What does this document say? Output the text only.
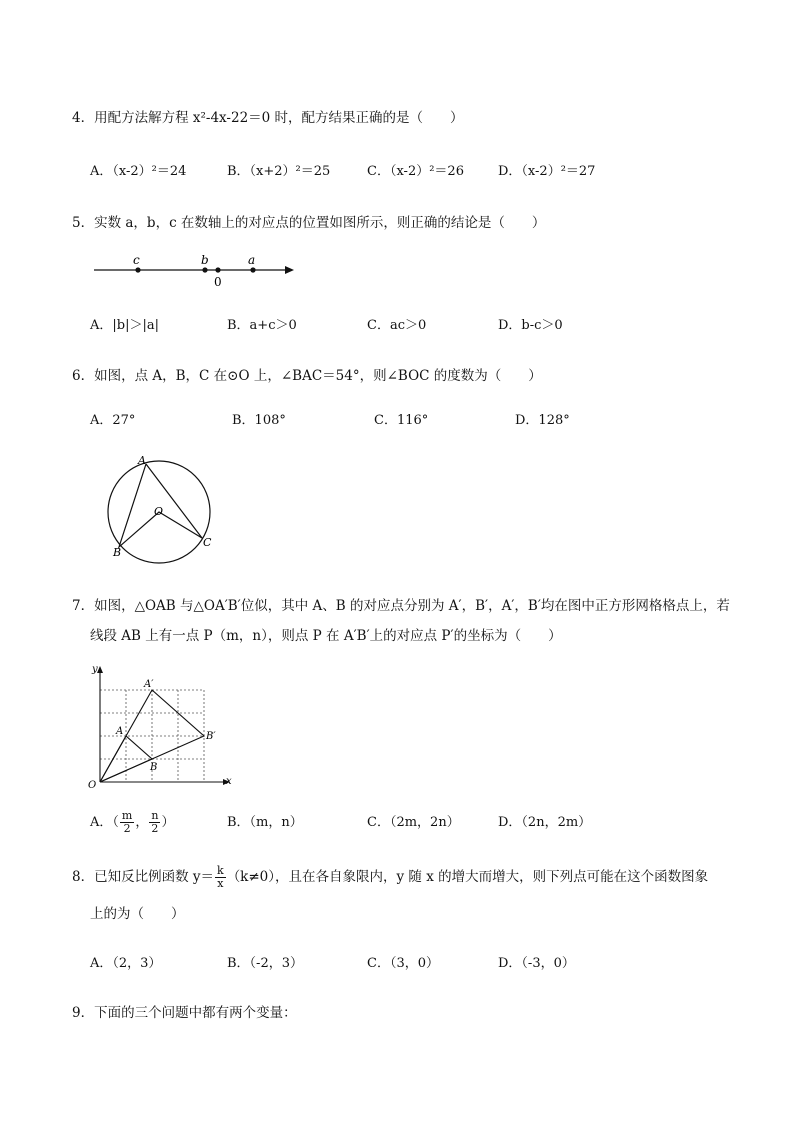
4．用配方法解方程 x²-4x-22＝0 时，配方结果正确的是（　　）
A．（x-2）²＝24	B．（x+2）²＝25	C．（x-2）²＝26	D．（x-2）²＝27
5．实数 a，b，c 在数轴上的对应点的位置如图所示，则正确的结论是（　　）
c	b	a
0
A．|b|＞|a|	B．a+c＞0	C．ac＞0	D．b-c＞0
6．如图，点 A，B，C 在⊙O 上，∠BAC＝54°，则∠BOC 的度数为（　　）
A．27°	B．108°	C．116°	D．128°
A
O
B
C
7．如图，△OAB 与△OA′B′位似，其中 A、B 的对应点分别为 A′，B′，A′，B′均在图中正方形网格格点上，若
线段 AB 上有一点 P（m，n），则点 P 在 A′B′上的对应点 P′的坐标为（　　）
y
x
O
A
B
A′
B′
A．（ $\frac{m}{2}$ ， $\frac{n}{2}$ ）	B．（m，n）	C．（2m，2n）	D．（2n，2m）
8．已知反比例函数 $y= \frac{k}{x} (k\ne 0)$，且在各自象限内，y 随 x 的增大而增大，则下列点可能在这个函数图象
上的为（　　）
A．（2，3）	B．（-2，3）	C．（3，0）	D．（-3，0）
9．下面的三个问题中都有两个变量：
